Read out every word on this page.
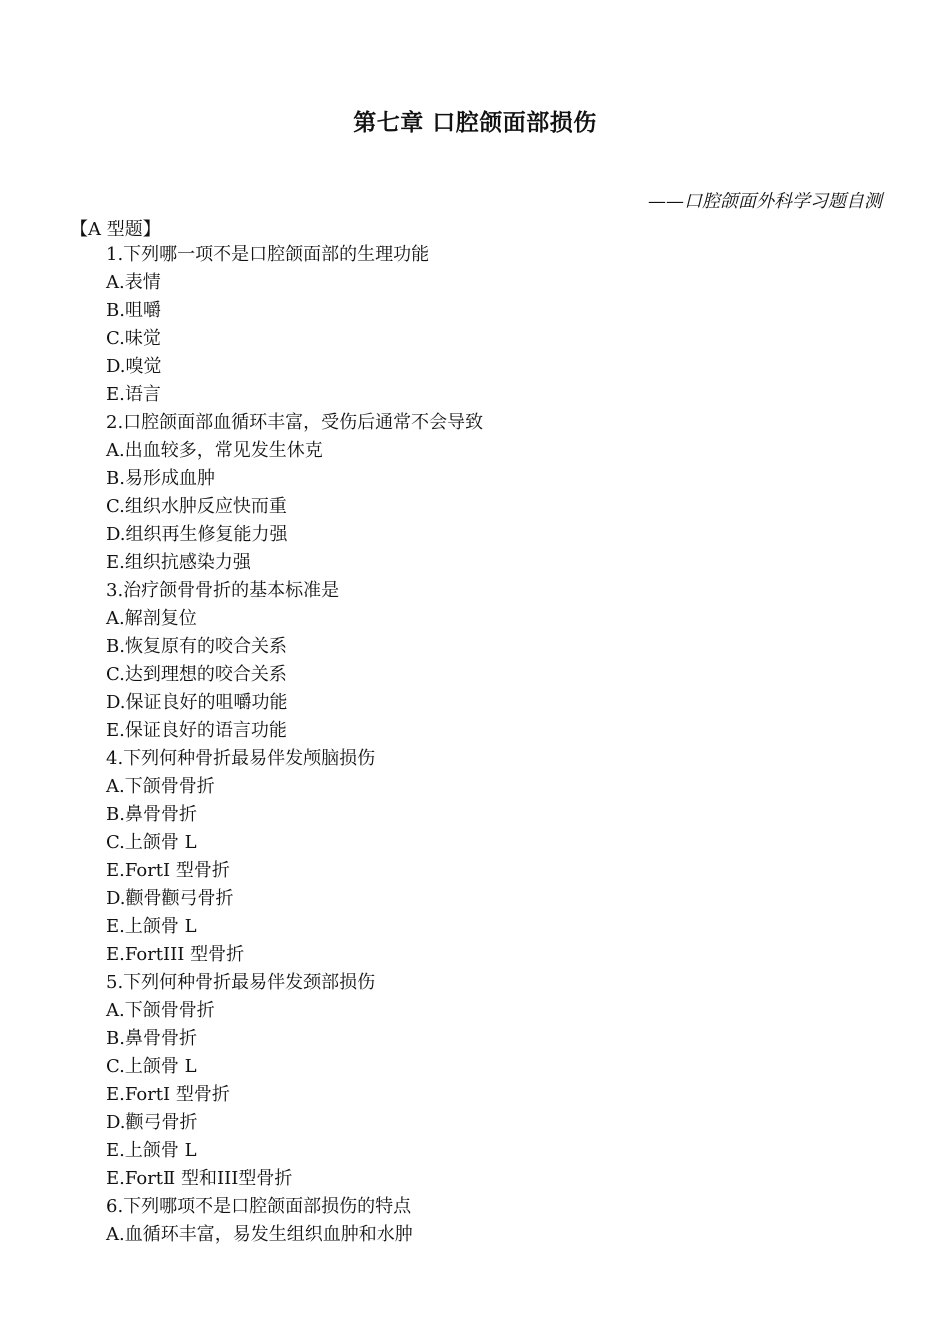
第七章 口腔颌面部损伤
——口腔颌面外科学习题自测
【A 型题】
1.下列哪一项不是口腔颌面部的生理功能
A.表情
B.咀嚼
C.味觉
D.嗅觉
E.语言
2.口腔颌面部血循环丰富，受伤后通常不会导致
A.出血较多，常见发生休克
B.易形成血肿
C.组织水肿反应快而重
D.组织再生修复能力强
E.组织抗感染力强
3.治疗颌骨骨折的基本标准是
A.解剖复位
B.恢复原有的咬合关系
C.达到理想的咬合关系
D.保证良好的咀嚼功能
E.保证良好的语言功能
4.下列何种骨折最易伴发颅脑损伤
A.下颌骨骨折
B.鼻骨骨折
C.上颌骨 L
E.FortI 型骨折
D.颧骨颧弓骨折
E.上颌骨 L
E.FortIII 型骨折
5.下列何种骨折最易伴发颈部损伤
A.下颌骨骨折
B.鼻骨骨折
C.上颌骨 L
E.FortI 型骨折
D.颧弓骨折
E.上颌骨 L
E.FortⅡ 型和III型骨折
6.下列哪项不是口腔颌面部损伤的特点
A.血循环丰富，易发生组织血肿和水肿
